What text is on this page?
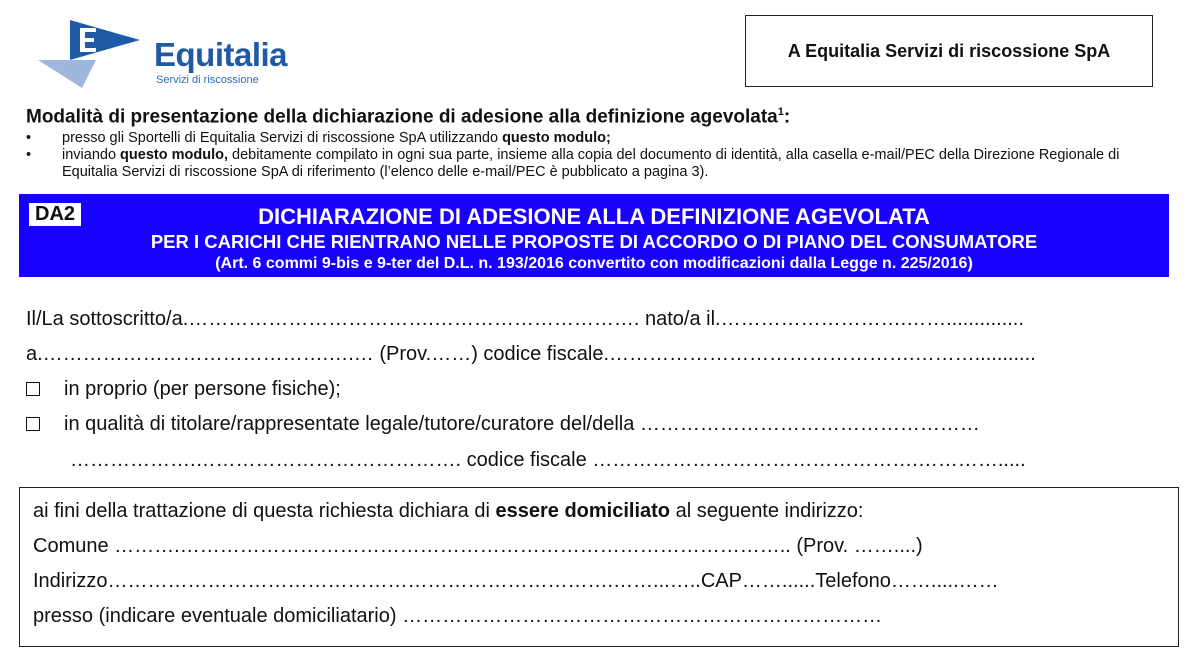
Equitalia
Servizi di riscossione
A Equitalia Servizi di riscossione SpA
Modalità di presentazione della dichiarazione di adesione alla definizione agevolata$^1$:
• presso gli Sportelli di Equitalia Servizi di riscossione SpA utilizzando questo modulo;
• inviando questo modulo, debitamente compilato in ogni sua parte, insieme alla copia del documento di identità, alla casella e-mail/PEC della Direzione Regionale di Equitalia Servizi di riscossione SpA di riferimento (l’elenco delle e-mail/PEC è pubblicato a pagina 3).
DA2	DICHIARAZIONE DI ADESIONE ALLA DEFINIZIONE AGEVOLATA
PER I CARICHI CHE RIENTRANO NELLE PROPOSTE DI ACCORDO O DI PIANO DEL CONSUMATORE
(Art. 6 commi 9-bis e 9-ter del D.L. n. 193/2016 convertito con modificazioni dalla Legge n. 225/2016)
Il/La sottoscritto/a.……………………………….…………………………. nato/a il.……………………….……..............
a.…………………………………….….… (Prov.……) codice fiscale.……………………………………….………...........
in proprio (per persone fisiche);
in qualità di titolare/rappresentate legale/tutore/curatore del/della ……………………………………………
……………….…………………………………. codice fiscale ………………………………………….………….....
ai fini della trattazione di questa richiesta dichiara di essere domiciliato al seguente indirizzo:
Comune ……….……………………………………………………………………………….. (Prov. ……....)
Indirizzo………………………………………………………………….……...…..CAP……......Telefono…….....……
presso (indicare eventuale domiciliatario) ………………………………………………………………
